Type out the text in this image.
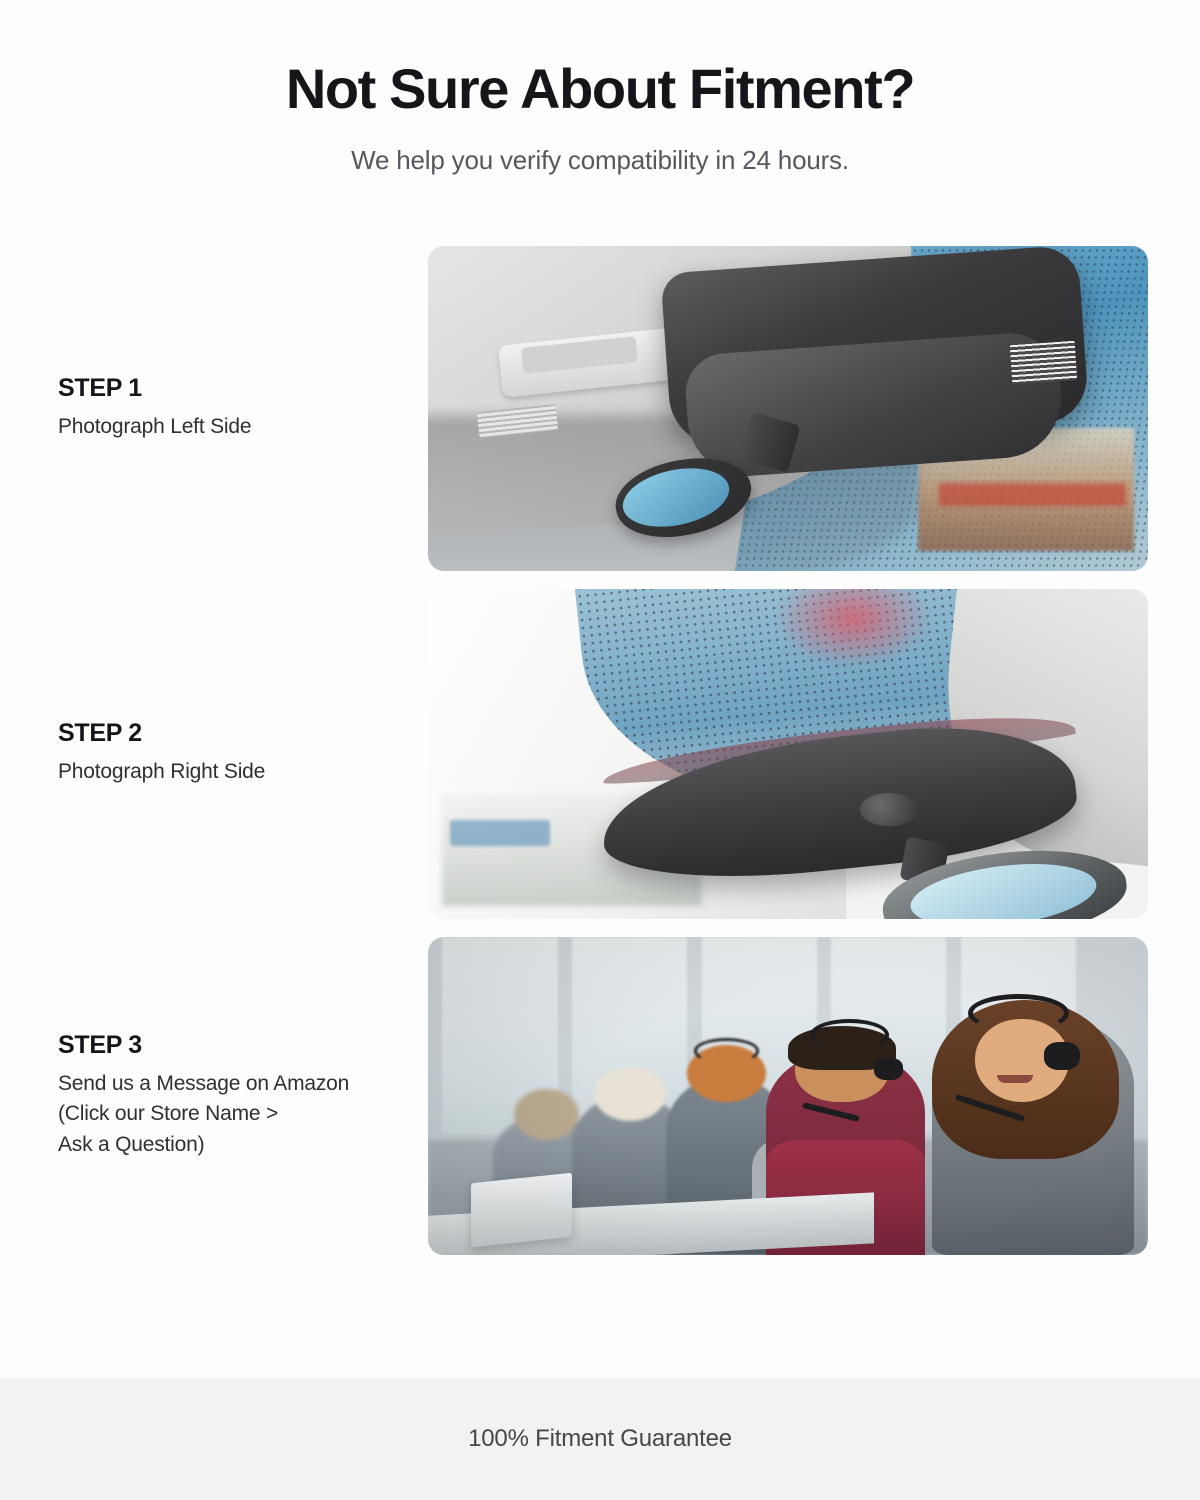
Not Sure About Fitment?

We help you verify compatibility in 24 hours.

STEP 1
Photograph Left Side
STEP 2
Photograph Right Side
STEP 3
Send us a Message on Amazon
(Click our Store Name >
Ask a Question)
100% Fitment Guarantee
